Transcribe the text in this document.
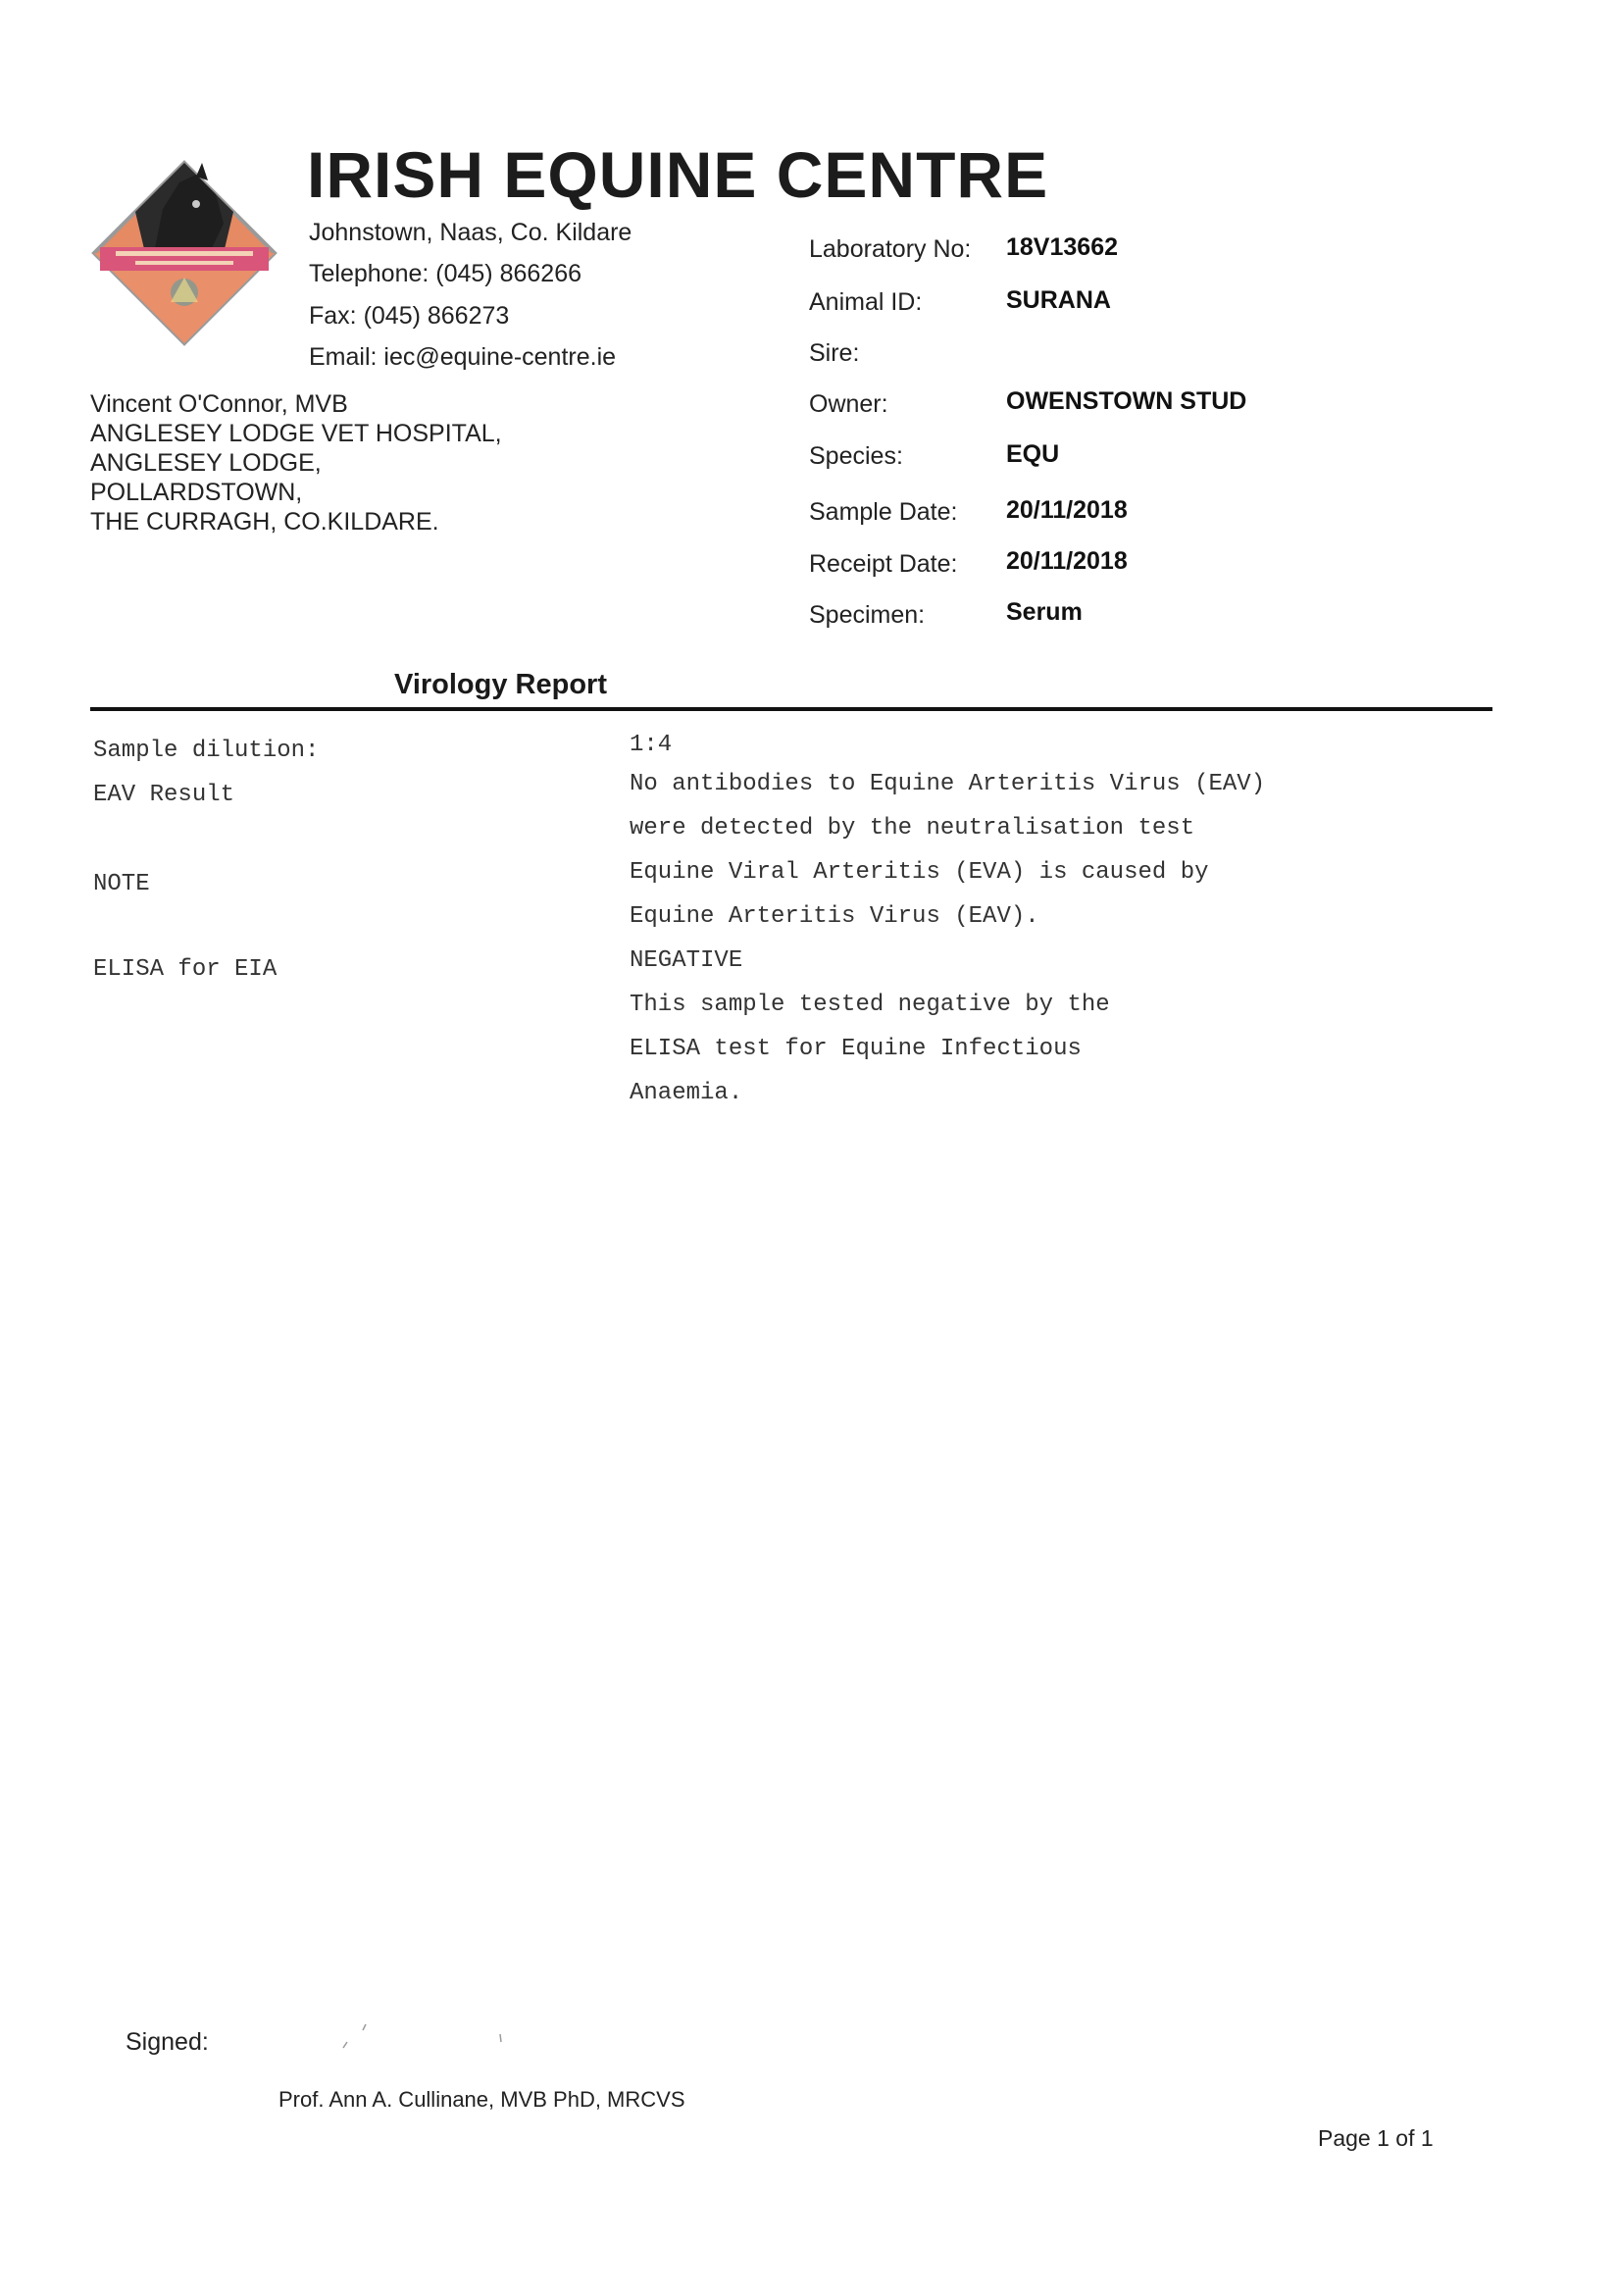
IRISH EQUINE CENTRE
Johnstown, Naas, Co. Kildare
Telephone: (045) 866266
Fax: (045) 866273
Email: iec@equine-centre.ie
Vincent O'Connor, MVB
ANGLESEY LODGE VET HOSPITAL,
ANGLESEY LODGE,
POLLARDSTOWN,
THE CURRAGH, CO.KILDARE.
Laboratory No: 18V13662
Animal ID:	SURANA
Sire:
Owner:	OWENSTOWN STUD
Species:	EQU
Sample Date: 20/11/2018
Receipt Date: 20/11/2018
Specimen:	Serum
Virology Report
Sample dilution:	1:4
EAV Result	No antibodies to Equine Arteritis Virus (EAV)
were detected by the neutralisation test
NOTE	Equine Viral Arteritis (EVA) is caused by
Equine Arteritis Virus (EAV).
ELISA for EIA	NEGATIVE
This sample tested negative by the
ELISA test for Equine Infectious
Anaemia.
Signed:
Prof. Ann A. Cullinane, MVB PhD, MRCVS
Page 1 of 1
